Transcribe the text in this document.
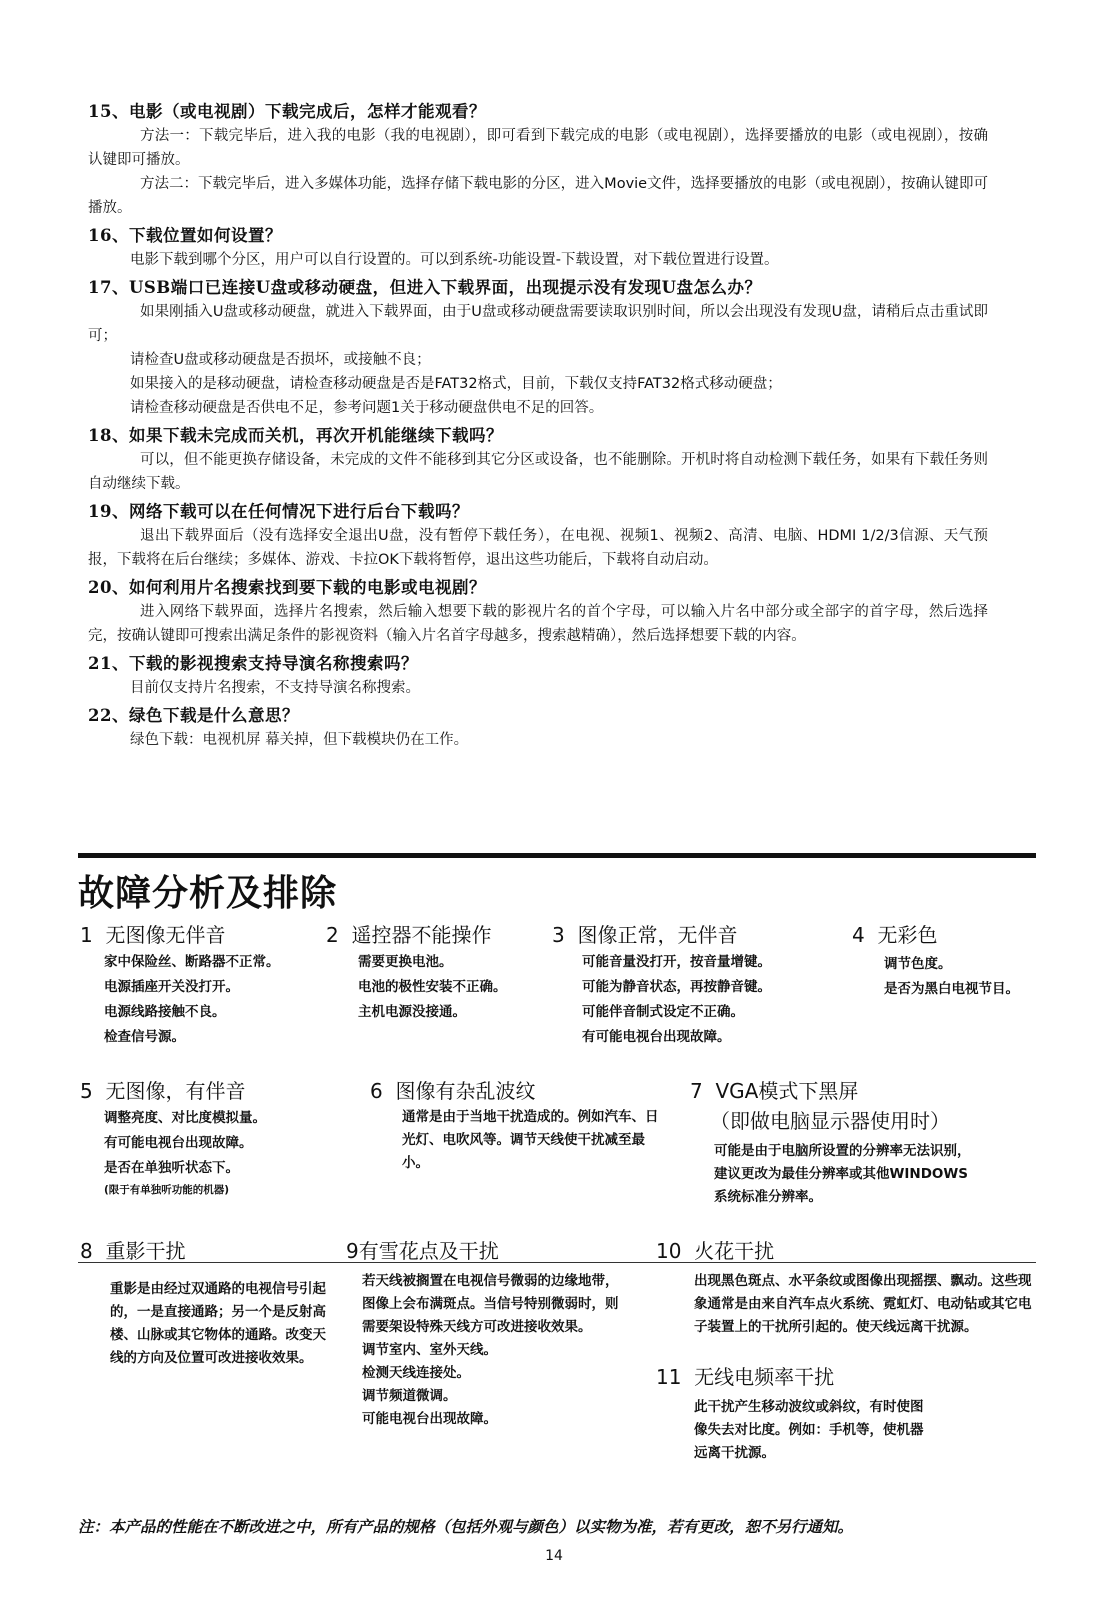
15、电影（或电视剧）下载完成后，怎样才能观看？
方法一：下载完毕后，进入我的电影（我的电视剧），即可看到下载完成的电影（或电视剧），选择要播放的电影（或电视剧），按确认键即可播放。
方法二：下载完毕后，进入多媒体功能，选择存储下载电影的分区，进入Movie文件，选择要播放的电影（或电视剧），按确认键即可播放。
16、下载位置如何设置？
电影下载到哪个分区，用户可以自行设置的。可以到系统-功能设置-下载设置，对下载位置进行设置。
17、USB端口已连接U盘或移动硬盘，但进入下载界面，出现提示没有发现U盘怎么办？
如果刚插入U盘或移动硬盘，就进入下载界面，由于U盘或移动硬盘需要读取识别时间，所以会出现没有发现U盘，请稍后点击重试即可；
请检查U盘或移动硬盘是否损坏，或接触不良；
如果接入的是移动硬盘，请检查移动硬盘是否是FAT32格式，目前，下载仅支持FAT32格式移动硬盘；
请检查移动硬盘是否供电不足，参考问题1关于移动硬盘供电不足的回答。
18、如果下载未完成而关机，再次开机能继续下载吗？
可以，但不能更换存储设备，未完成的文件不能移到其它分区或设备，也不能删除。开机时将自动检测下载任务，如果有下载任务则自动继续下载。
19、网络下载可以在任何情况下进行后台下载吗？
退出下载界面后（没有选择安全退出U盘，没有暂停下载任务），在电视、视频1、视频2、高清、电脑、HDMI 1/2/3信源、天气预报，下载将在后台继续；多媒体、游戏、卡拉OK下载将暂停，退出这些功能后，下载将自动启动。
20、如何利用片名搜索找到要下载的电影或电视剧？
进入网络下载界面，选择片名搜索，然后输入想要下载的影视片名的首个字母，可以输入片名中部分或全部字的首字母，然后选择完，按确认键即可搜索出满足条件的影视资料（输入片名首字母越多，搜索越精确），然后选择想要下载的内容。
21、下载的影视搜索支持导演名称搜索吗？
目前仅支持片名搜索，不支持导演名称搜索。
22、绿色下载是什么意思？
绿色下载：电视机屏 幕关掉，但下载模块仍在工作。
故障分析及排除
1 无图像无伴音
家中保险丝、断路器不正常。
电源插座开关没打开。
电源线路接触不良。
检查信号源。
2 遥控器不能操作
需要更换电池。
电池的极性安装不正确。
主机电源没接通。
3 图像正常，无伴音
可能音量没打开，按音量增键。
可能为静音状态，再按静音键。
可能伴音制式设定不正确。
有可能电视台出现故障。
4 无彩色
调节色度。
是否为黑白电视节目。
5 无图像，有伴音
调整亮度、对比度模拟量。
有可能电视台出现故障。
是否在单独听状态下。
(限于有单独听功能的机器)
6 图像有杂乱波纹
通常是由于当地干扰造成的。例如汽车、日光灯、电吹风等。调节天线使干扰减至最小。
7 VGA模式下黑屏
（即做电脑显示器使用时）
可能是由于电脑所设置的分辨率无法识别，建议更改为最佳分辨率或其他WINDOWS系统标准分辨率。
8 重影干扰
重影是由经过双通路的电视信号引起的，一是直接通路；另一个是反射高楼、山脉或其它物体的通路。改变天线的方向及位置可改进接收效果。
9有雪花点及干扰
若天线被搁置在电视信号微弱的边缘地带，图像上会布满斑点。当信号特别微弱时，则需要架设特殊天线方可改进接收效果。
调节室内、室外天线。
检测天线连接处。
调节频道微调。
可能电视台出现故障。
10 火花干扰
出现黑色斑点、水平条纹或图像出现摇摆、飘动。这些现象通常是由来自汽车点火系统、霓虹灯、电动钻或其它电子装置上的干扰所引起的。使天线远离干扰源。
11 无线电频率干扰
此干扰产生移动波纹或斜纹，有时使图像失去对比度。例如：手机等，使机器远离干扰源。
注：本产品的性能在不断改进之中，所有产品的规格（包括外观与颜色）以实物为准，若有更改，恕不另行通知。
14
